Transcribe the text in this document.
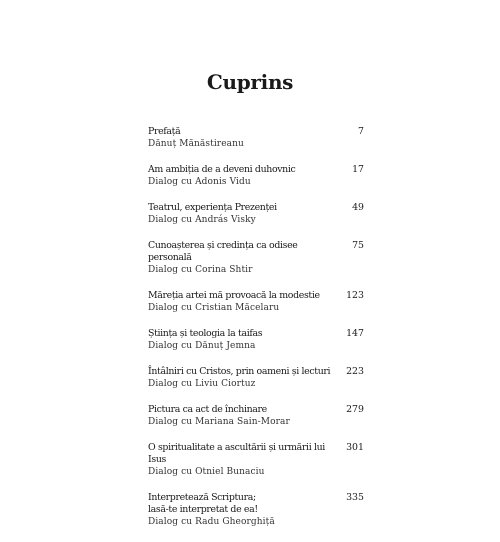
Cuprins
Prefață
Dănuț Mănăstireanu
7
Am ambiția de a deveni duhovnic
Dialog cu Adonis Vidu
17
Teatrul, experiența Prezenței
Dialog cu András Visky
49
Cunoașterea și credința ca odisee personală
Dialog cu Corina Shtir
75
Măreția artei mă provoacă la modestie
Dialog cu Cristian Măcelaru
123
Știința și teologia la taifas
Dialog cu Dănuț Jemna
147
Întâlniri cu Cristos, prin oameni și lecturi
Dialog cu Liviu Ciortuz
223
Pictura ca act de închinare
Dialog cu Mariana Sain-Morar
279
O spiritualitate a ascultării și urmării lui Isus
Dialog cu Otniel Bunaciu
301
Interpretează Scriptura;
lasă-te interpretat de ea!
Dialog cu Radu Gheorghiță
335
